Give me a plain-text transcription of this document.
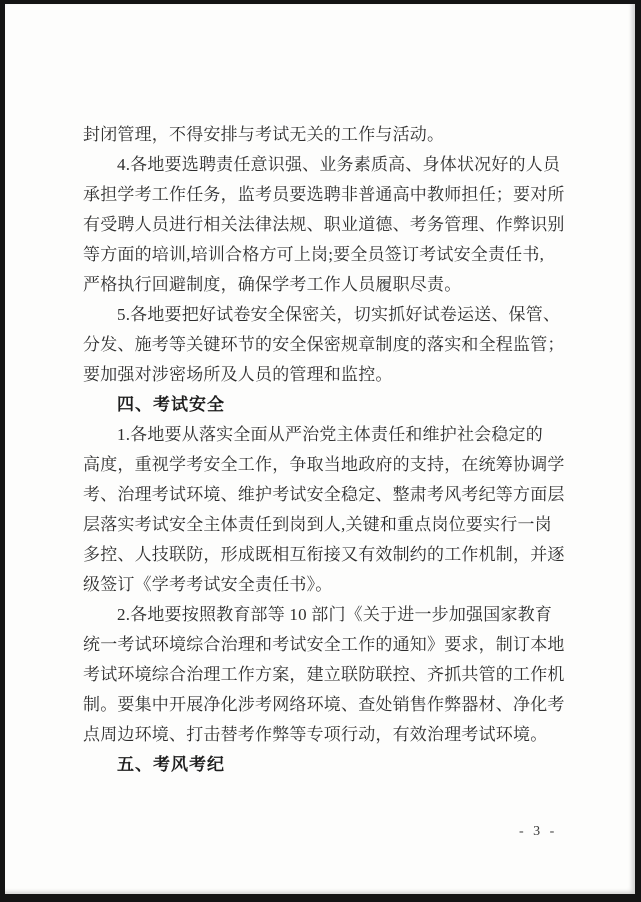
封闭管理，不得安排与考试无关的工作与活动。
4.各地要选聘责任意识强、业务素质高、身体状况好的人员
承担学考工作任务，监考员要选聘非普通高中教师担任；要对所
有受聘人员进行相关法律法规、职业道德、考务管理、作弊识别
等方面的培训,培训合格方可上岗;要全员签订考试安全责任书,
严格执行回避制度，确保学考工作人员履职尽责。
5.各地要把好试卷安全保密关，切实抓好试卷运送、保管、
分发、施考等关键环节的安全保密规章制度的落实和全程监管；
要加强对涉密场所及人员的管理和监控。
四、考试安全
1.各地要从落实全面从严治党主体责任和维护社会稳定的
高度，重视学考安全工作，争取当地政府的支持，在统筹协调学
考、治理考试环境、维护考试安全稳定、整肃考风考纪等方面层
层落实考试安全主体责任到岗到人,关键和重点岗位要实行一岗
多控、人技联防，形成既相互衔接又有效制约的工作机制，并逐
级签订《学考考试安全责任书》。
2.各地要按照教育部等 10 部门《关于进一步加强国家教育
统一考试环境综合治理和考试安全工作的通知》要求，制订本地
考试环境综合治理工作方案，建立联防联控、齐抓共管的工作机
制。要集中开展净化涉考网络环境、查处销售作弊器材、净化考
点周边环境、打击替考作弊等专项行动，有效治理考试环境。
五、考风考纪
- 3 -
